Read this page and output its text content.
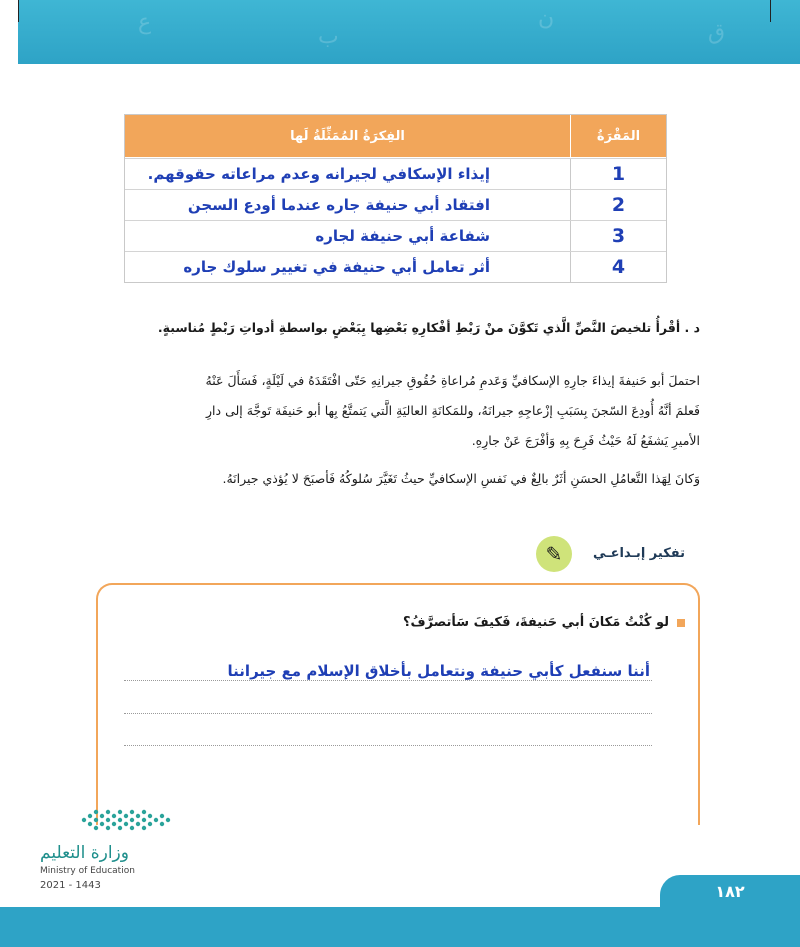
ع
ب
ن
ق
المَقْرَةُ
الفِكرَةُ المُمَثِّلَةُ لَها
1
إيذاء الإسكافي لجيرانه وعدم مراعاته حقوقهم.
2
افتقاد أبي حنيفة جاره عندما أودع السجن
3
شفاعة أبي حنيفة لجاره
4
أثر تعامل أبي حنيفة في تغيير سلوك جاره
د . أقْرأُ تلخيصَ النَّصِّ الَّذي تَكوَّنَ منْ رَبْطِ أفْكارِهِ بَعْضِها بِبَعْضٍ بواسطةِ أدواتِ رَبْطٍ مُناسبةٍ.
احتملَ أبو حَنيفةَ إيذاءَ جارِهِ الإسكافيِّ وَعَدمِ مُراعاةِ حُقُوقِ جيرانِهِ حَتّى افْتَقَدَهُ في لَيْلَةٍ، فَسَأَلَ عَنْهُ
فَعلمَ أنَّهُ أُودِعَ السّجنَ بِسَبَبِ إزْعاجِهِ جيرانَهُ، وللمَكانَةِ العاليَةِ الَّتي يَتمتَّعُ بِها أبو حَنيفَة تَوجَّهَ إلى دارِ
الأميرِ يَشفَعُ لَهُ حَيْثُ فَرِحَ بِهِ وَأفْرَجَ عَنْ جارِهِ.
وَكانَ لِهَذا التَّعامُلِ الحسَنِ أثَرٌ بالِغٌ في نَفسِ الإسكافيِّ حيثُ تَغَيَّرَ سُلوكُهُ فَأصبَحَ لا يُؤذي جيرانَهُ.
✎	تفكير إبـداعـي
لو كُنْتُ مَكانَ أبي حَنيفةَ، فَكيفَ سَأتصرَّفُ؟
أننا سنفعل كأبي حنيفة ونتعامل بأخلاق الإسلام مع جيراننا
وزارة التعليم
Ministry of Education
2021 - 1443	١٨٢
